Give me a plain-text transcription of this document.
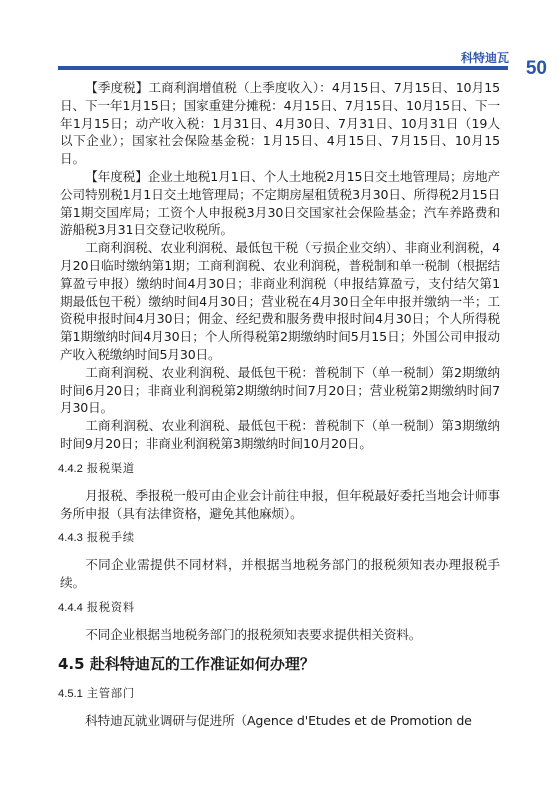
科特迪瓦 50

【季度税】工商利润增值税（上季度收入）：4月15日、7月15日、10月15日、下一年1月15日；国家重建分摊税：4月15日、7月15日、10月15日、下一年1月15日；动产收入税：1月31日、4月30日、7月31日、10月31日（19人以下企业）；国家社会保险基金税：1月15日、4月15日、7月15日、10月15日。

【年度税】企业土地税1月1日、个人土地税2月15日交土地管理局；房地产公司特别税1月1日交土地管理局；不定期房屋租赁税3月30日、所得税2月15日第1期交国库局；工资个人申报税3月30日交国家社会保险基金；汽车养路费和游船税3月31日交登记收税所。

工商利润税、农业利润税、最低包干税（亏损企业交纳）、非商业利润税，4月20日临时缴纳第1期；工商利润税、农业利润税，普税制和单一税制（根据结算盈亏申报）缴纳时间4月30日；非商业利润税（申报结算盈亏，支付结欠第1期最低包干税）缴纳时间4月30日；营业税在4月30日全年申报并缴纳一半；工资税申报时间4月30日；佣金、经纪费和服务费申报时间4月30日；个人所得税第1期缴纳时间4月30日；个人所得税第2期缴纳时间5月15日；外国公司申报动产收入税缴纳时间5月30日。

工商利润税、农业利润税、最低包干税：普税制下（单一税制）第2期缴纳时间6月20日；非商业利润税第2期缴纳时间7月20日；营业税第2期缴纳时间7月30日。

工商利润税、农业利润税、最低包干税：普税制下（单一税制）第3期缴纳时间9月20日；非商业利润税第3期缴纳时间10月20日。

4.4.2 报税渠道

月报税、季报税一般可由企业会计前往申报，但年税最好委托当地会计师事务所申报（具有法律资格，避免其他麻烦）。

4.4.3 报税手续

不同企业需提供不同材料，并根据当地税务部门的报税须知表办理报税手续。

4.4.4 报税资料

不同企业根据当地税务部门的报税须知表要求提供相关资料。

4.5 赴科特迪瓦的工作准证如何办理？
4.5.1 主管部门

科特迪瓦就业调研与促进所（Agence d'Etudes et de Promotion de
